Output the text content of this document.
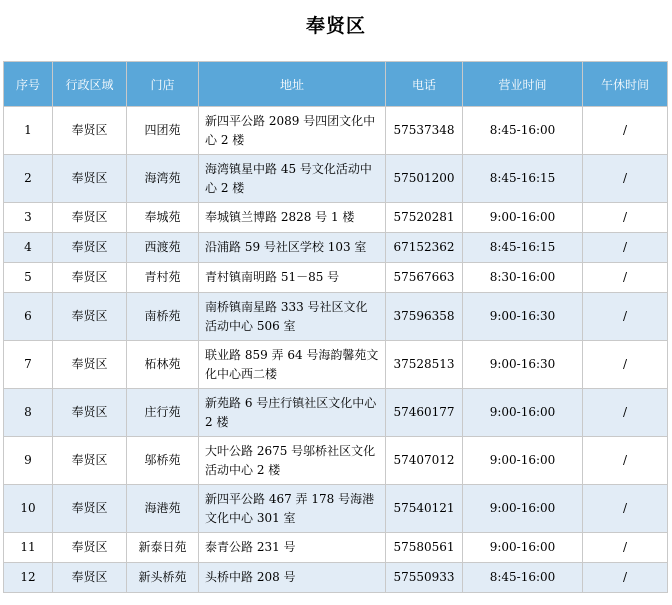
奉贤区
序号	行政区域	门店	地址	电话	营业时间	午休时间
1	奉贤区	四团苑	新四平公路 2089 号四团文化中心 2 楼	57537348	8:45-16:00	/
2	奉贤区	海湾苑	海湾镇星中路 45 号文化活动中心 2 楼	57501200	8:45-16:15	/
3	奉贤区	奉城苑	奉城镇兰博路 2828 号 1 楼	57520281	9:00-16:00	/
4	奉贤区	西渡苑	沿浦路 59 号社区学校 103 室	67152362	8:45-16:15	/
5	奉贤区	青村苑	青村镇南明路 51－85 号	57567663	8:30-16:00	/
6	奉贤区	南桥苑	南桥镇南星路 333 号社区文化活动中心 506 室	37596358	9:00-16:30	/
7	奉贤区	柘林苑	联业路 859 弄 64 号海韵馨苑文化中心西二楼	37528513	9:00-16:30	/
8	奉贤区	庄行苑	新苑路 6 号庄行镇社区文化中心 2 楼	57460177	9:00-16:00	/
9	奉贤区	邬桥苑	大叶公路 2675 号邬桥社区文化活动中心 2 楼	57407012	9:00-16:00	/
10	奉贤区	海港苑	新四平公路 467 弄 178 号海港文化中心 301 室	57540121	9:00-16:00	/
11	奉贤区	新泰日苑	泰青公路 231 号	57580561	9:00-16:00	/
12	奉贤区	新头桥苑	头桥中路 208 号	57550933	8:45-16:00	/
